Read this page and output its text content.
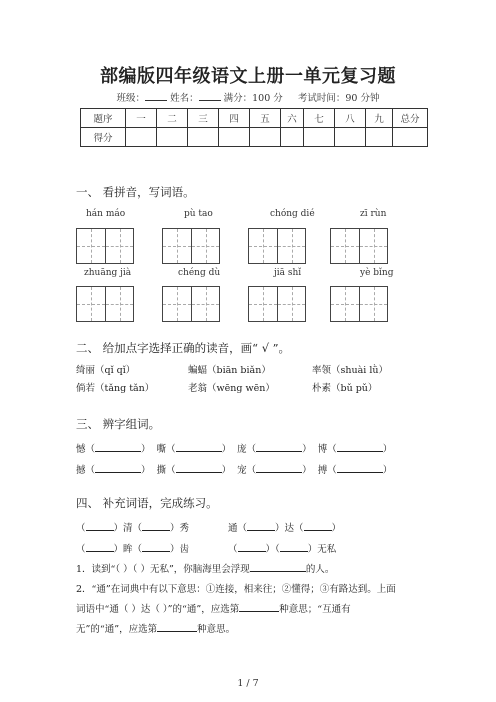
部编版四年级语文上册一单元复习题
班级：	姓名：	满分：100 分 考试时间：90 分钟
题序	一	二	三	四	五	六	七	八	九	总分
得分										
一、 看拼音，写词语。
hán máo	pù tao	chóng dié	zī rùn
zhuāng jià	chéng dù	jiā shǐ	yè bǐng
二、 给加点字选择正确的读音，画“ √ ”。
绮丽（qǐ qǐ）	蝙蝠（biān biǎn）	率领（shuài lǜ）
倘若（tǎng tǎn）	老翁（wēng wēn）	朴素（bǔ pǔ）
三、 辨字组词。
憾（	） 嘶（	） 庞（	） 博（	）
撼（	） 撕（	） 宠（	） 搏（	）
四、 补充词语，完成练习。
（	）清（	）秀	通（	）达（	）
（	）眸（	）齿	（	）（	）无私
1．读到“（ ）（ ）无私”，你脑海里会浮现	的人。
2．“通”在词典中有以下意思：①连接，相来往；②懂得；③有路达到。上面
词语中“通（ ）达（ ）”的“通”，应选第	种意思；“互通有
无”的“通”，应选第	种意思。
1 / 7
